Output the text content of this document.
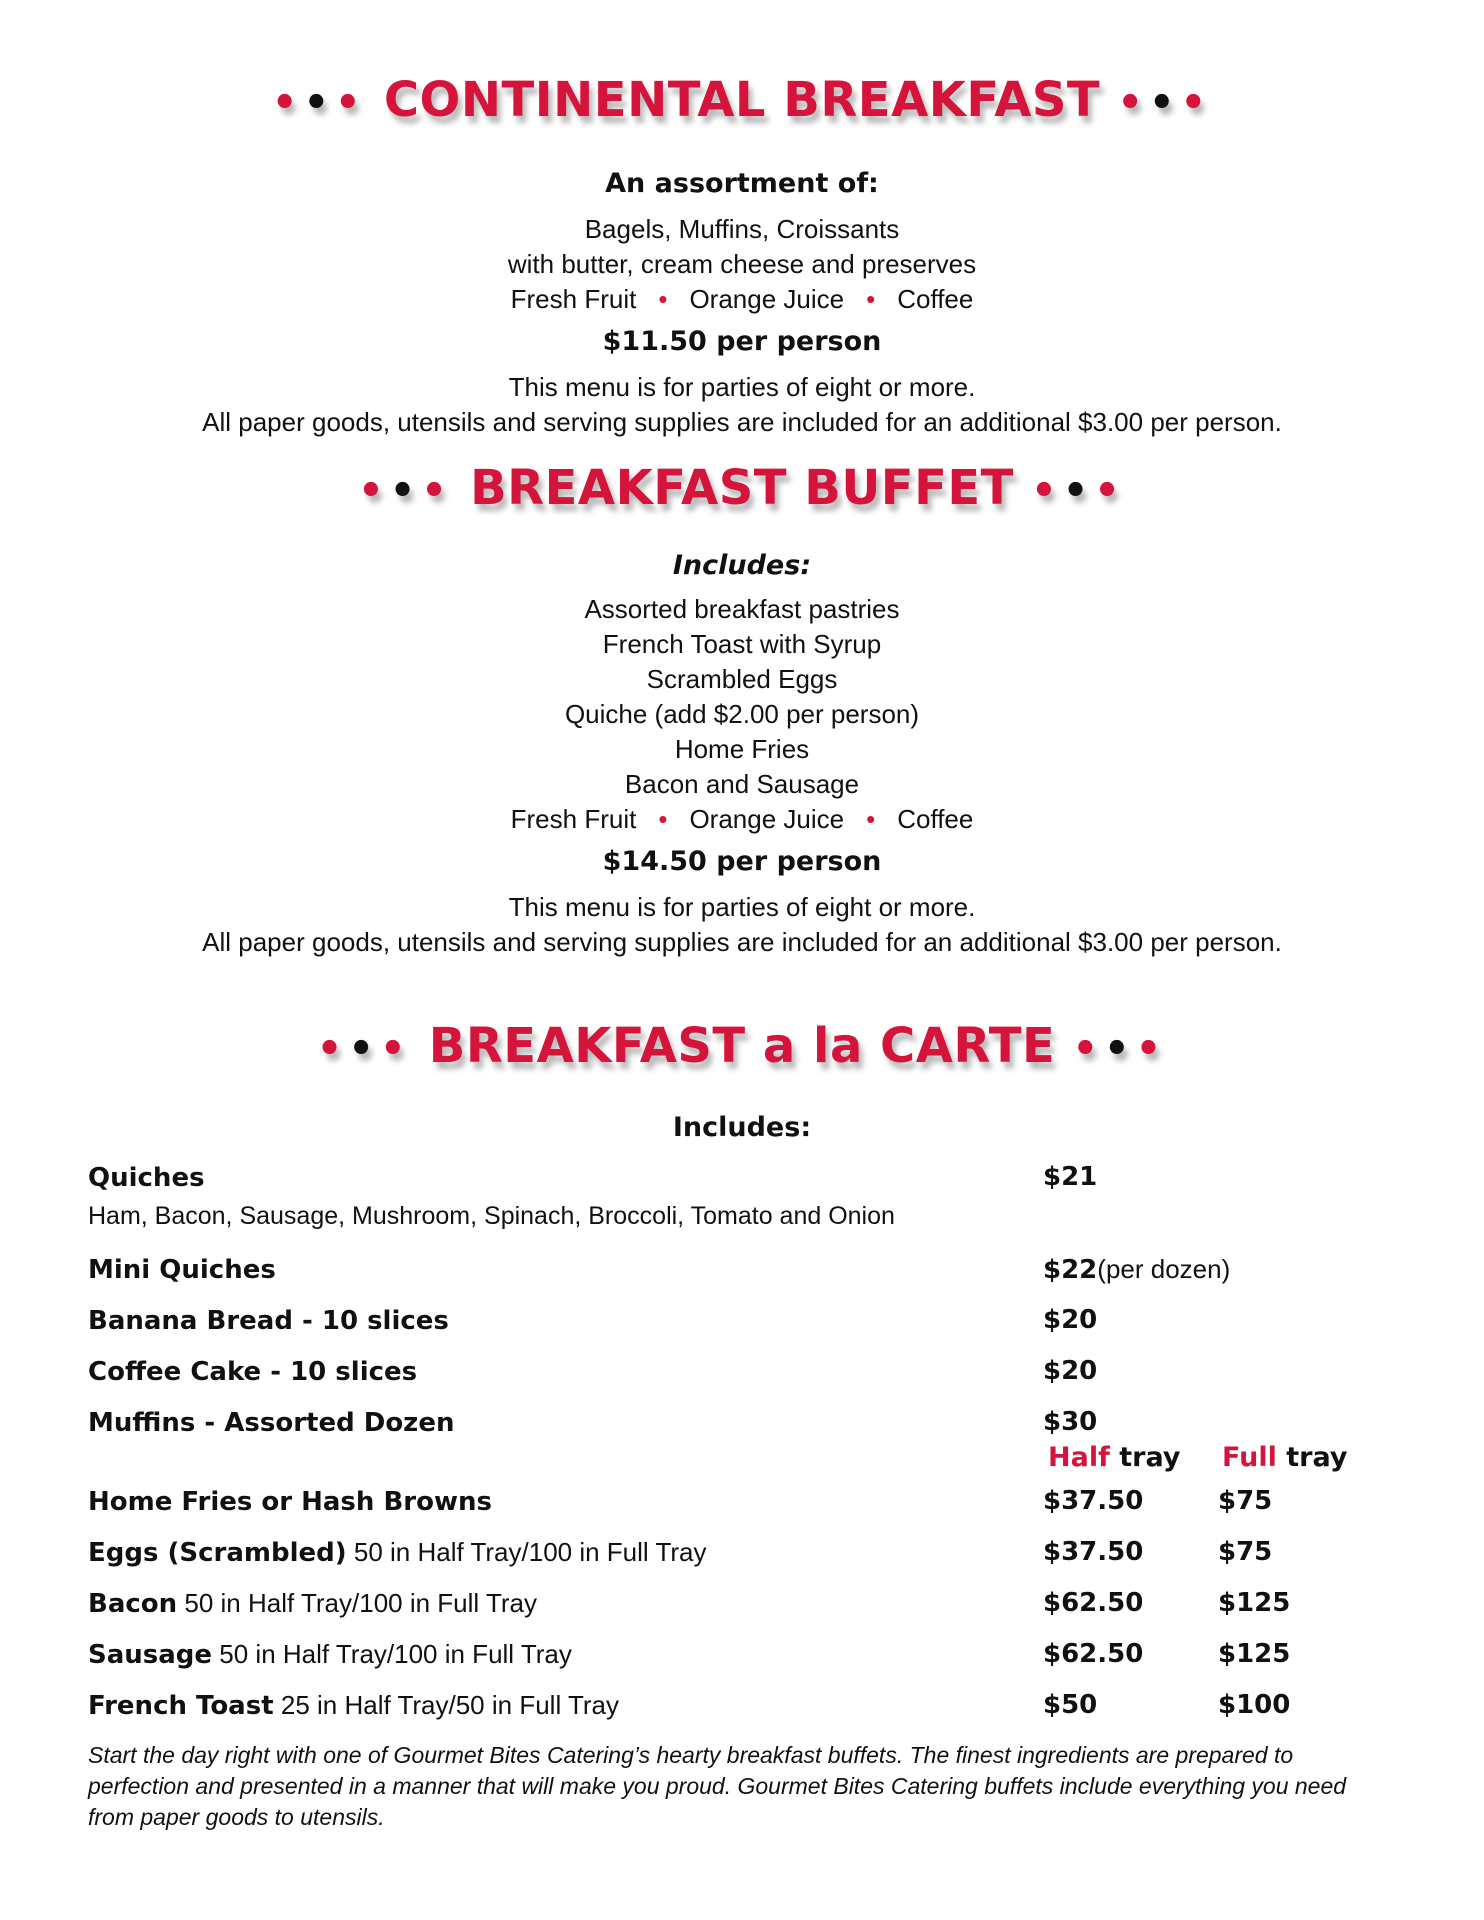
••• CONTINENTAL BREAKFAST •••
An assortment of:
Bagels, Muffins, Croissants
with butter, cream cheese and preserves
Fresh Fruit • Orange Juice • Coffee
$11.50 per person
This menu is for parties of eight or more.
All paper goods, utensils and serving supplies are included for an additional $3.00 per person.
••• BREAKFAST BUFFET •••
Includes:
Assorted breakfast pastries
French Toast with Syrup
Scrambled Eggs
Quiche (add $2.00 per person)
Home Fries
Bacon and Sausage
Fresh Fruit • Orange Juice • Coffee
$14.50 per person
This menu is for parties of eight or more.
All paper goods, utensils and serving supplies are included for an additional $3.00 per person.
••• BREAKFAST a la CARTE •••
Includes:
Quiches	$21
Ham, Bacon, Sausage, Mushroom, Spinach, Broccoli, Tomato and Onion
Mini Quiches	$22(per dozen)
Banana Bread - 10 slices	$20
Coffee Cake - 10 slices	$20
Muffins - Assorted Dozen	$30
Half tray Full tray
Home Fries or Hash Browns	$37.50	$75
Eggs (Scrambled) 50 in Half Tray/100 in Full Tray	$37.50	$75
Bacon 50 in Half Tray/100 in Full Tray	$62.50	$125
Sausage 50 in Half Tray/100 in Full Tray	$62.50	$125
French Toast 25 in Half Tray/50 in Full Tray	$50	$100
Start the day right with one of Gourmet Bites Catering’s hearty breakfast buffets. The finest ingredients are prepared to perfection and presented in a manner that will make you proud. Gourmet Bites Catering buffets include everything you need from paper goods to utensils.
